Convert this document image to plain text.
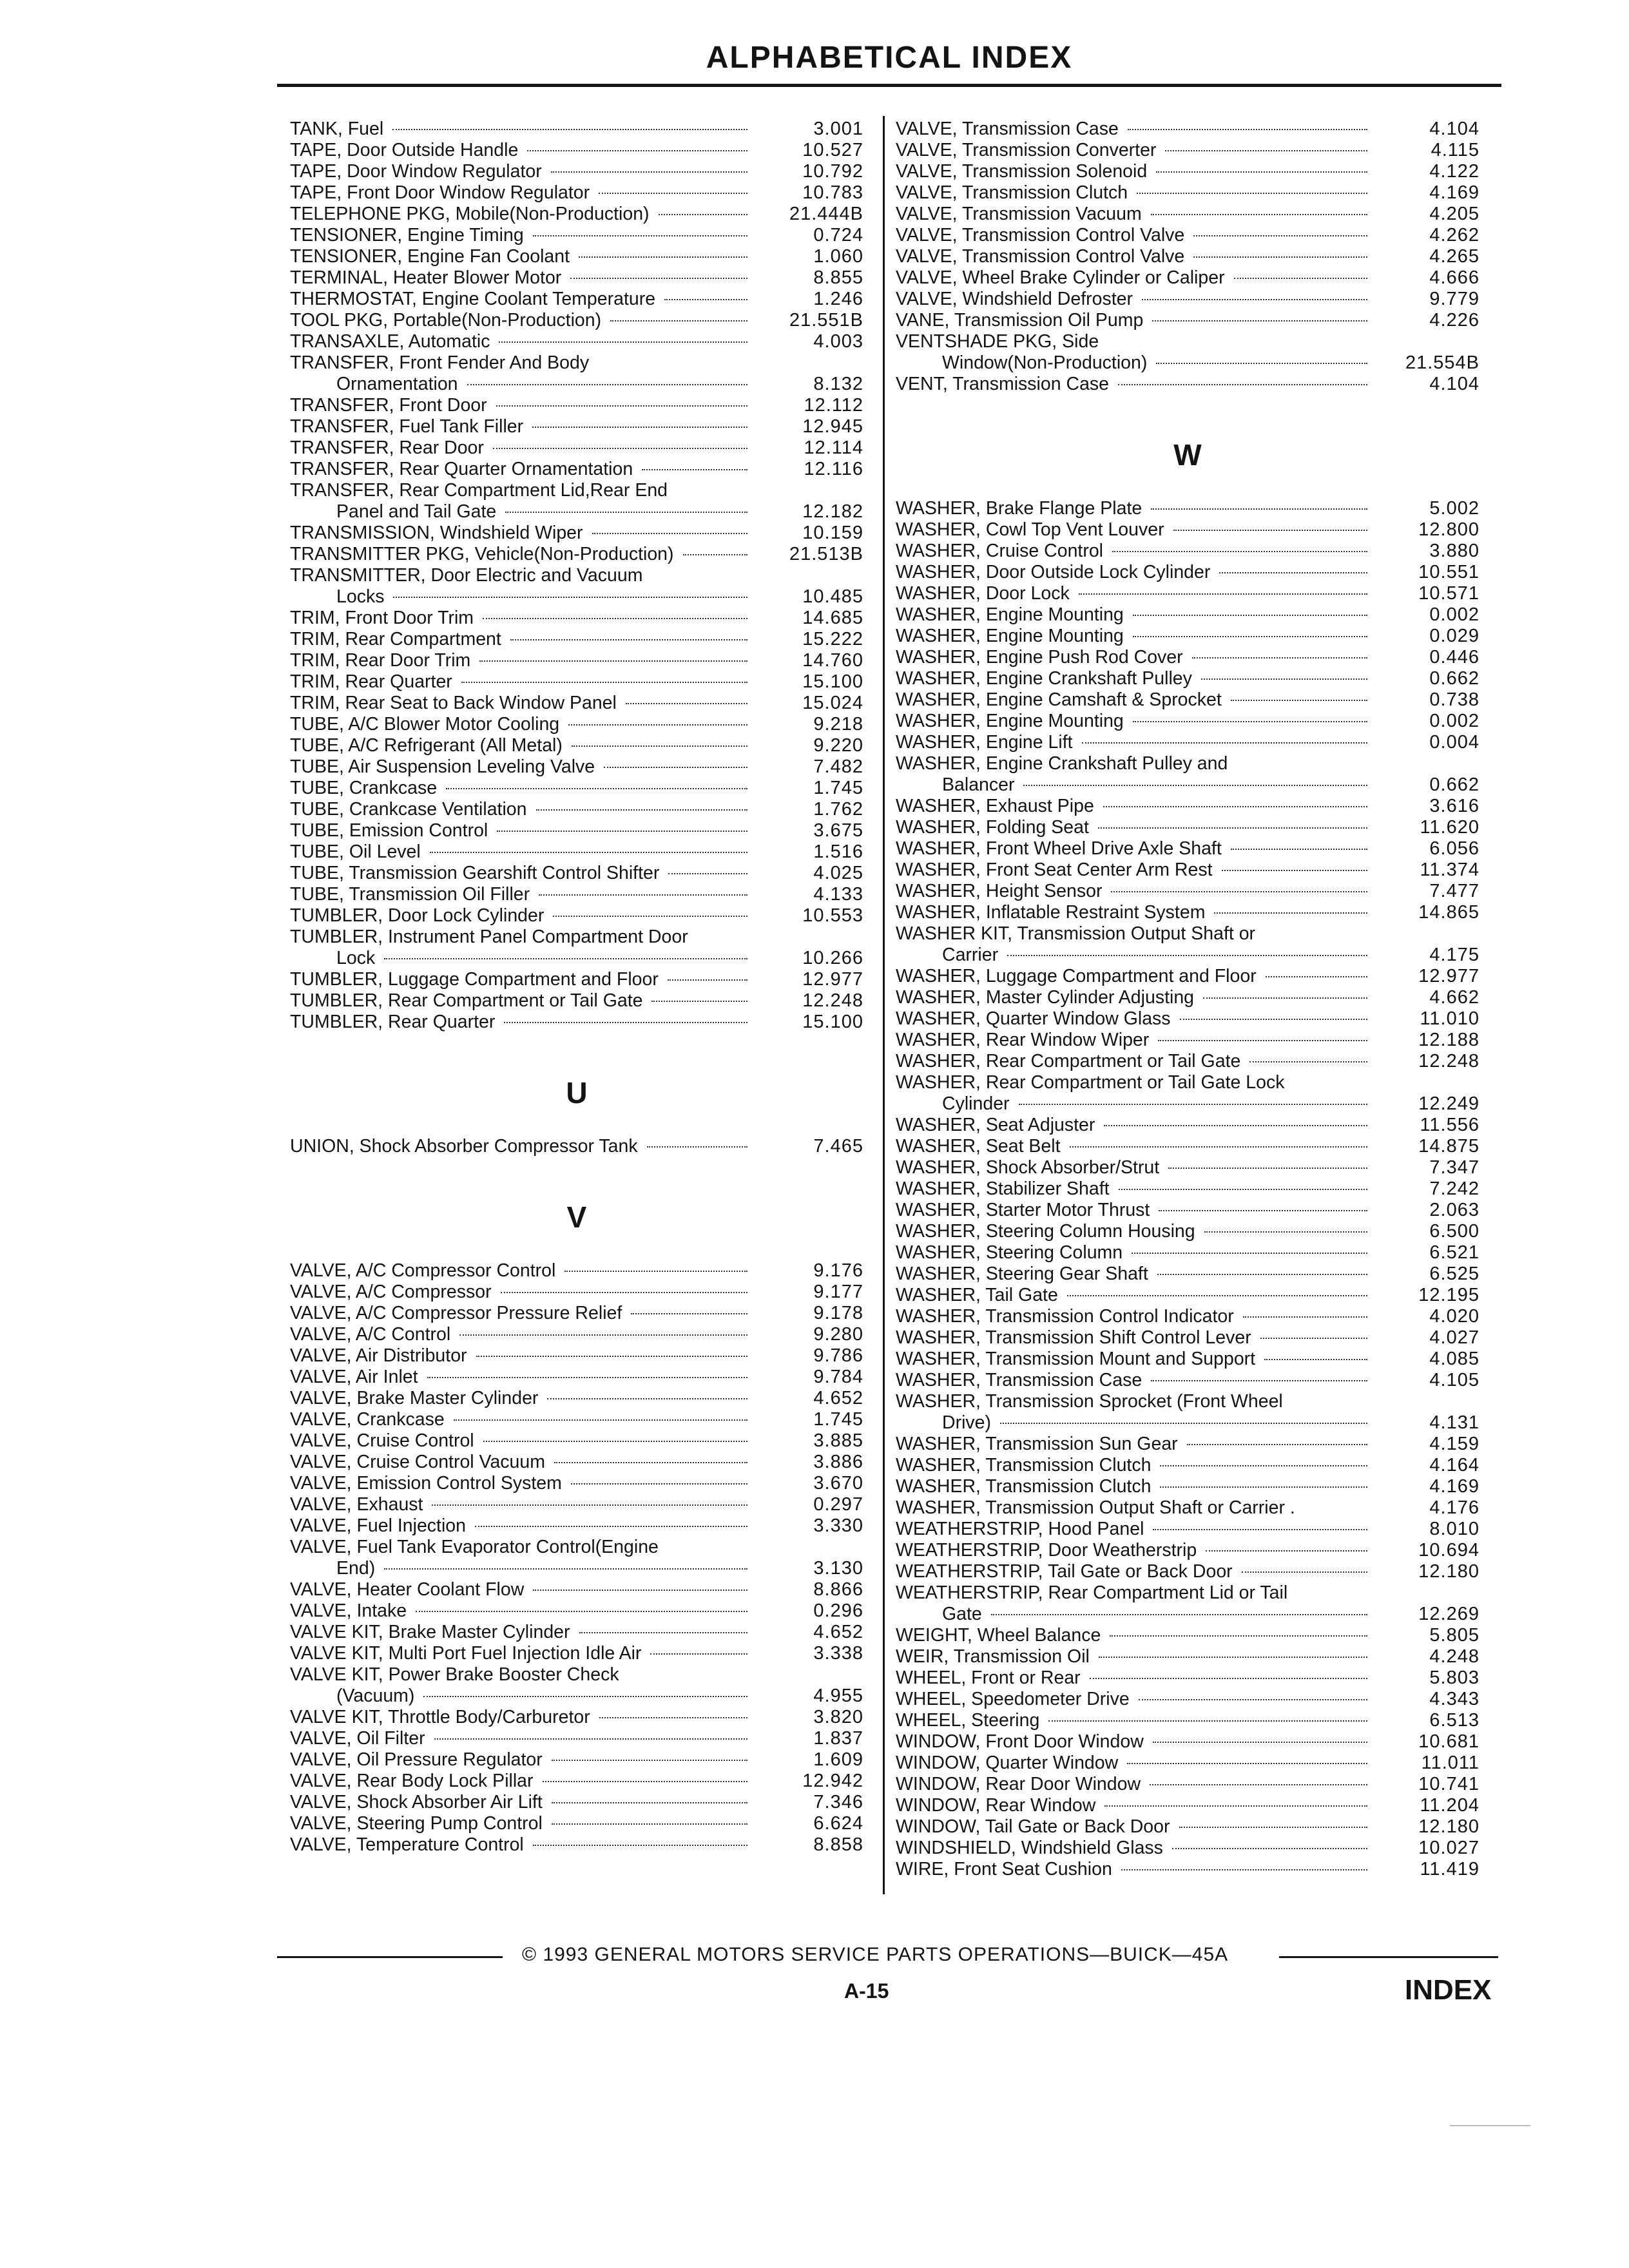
ALPHABETICAL INDEX
TANK, Fuel	3.001
TAPE, Door Outside Handle	10.527
TAPE, Door Window Regulator	10.792
TAPE, Front Door Window Regulator	10.783
TELEPHONE PKG, Mobile(Non-Production)	21.444B
TENSIONER, Engine Timing	0.724
TENSIONER, Engine Fan Coolant	1.060
TERMINAL, Heater Blower Motor	8.855
THERMOSTAT, Engine Coolant Temperature	1.246
TOOL PKG, Portable(Non-Production)	21.551B
TRANSAXLE, Automatic	4.003
TRANSFER, Front Fender And Body
Ornamentation	8.132
TRANSFER, Front Door	12.112
TRANSFER, Fuel Tank Filler	12.945
TRANSFER, Rear Door	12.114
TRANSFER, Rear Quarter Ornamentation	12.116
TRANSFER, Rear Compartment Lid,Rear End
Panel and Tail Gate	12.182
TRANSMISSION, Windshield Wiper	10.159
TRANSMITTER PKG, Vehicle(Non-Production)	21.513B
TRANSMITTER, Door Electric and Vacuum
Locks	10.485
TRIM, Front Door Trim	14.685
TRIM, Rear Compartment	15.222
TRIM, Rear Door Trim	14.760
TRIM, Rear Quarter	15.100
TRIM, Rear Seat to Back Window Panel	15.024
TUBE, A/C Blower Motor Cooling	9.218
TUBE, A/C Refrigerant (All Metal)	9.220
TUBE, Air Suspension Leveling Valve	7.482
TUBE, Crankcase	1.745
TUBE, Crankcase Ventilation	1.762
TUBE, Emission Control	3.675
TUBE, Oil Level	1.516
TUBE, Transmission Gearshift Control Shifter	4.025
TUBE, Transmission Oil Filler	4.133
TUMBLER, Door Lock Cylinder	10.553
TUMBLER, Instrument Panel Compartment Door
Lock	10.266
TUMBLER, Luggage Compartment and Floor	12.977
TUMBLER, Rear Compartment or Tail Gate	12.248
TUMBLER, Rear Quarter	15.100
U
UNION, Shock Absorber Compressor Tank	7.465
V
VALVE, A/C Compressor Control	9.176
VALVE, A/C Compressor	9.177
VALVE, A/C Compressor Pressure Relief	9.178
VALVE, A/C Control	9.280
VALVE, Air Distributor	9.786
VALVE, Air Inlet	9.784
VALVE, Brake Master Cylinder	4.652
VALVE, Crankcase	1.745
VALVE, Cruise Control	3.885
VALVE, Cruise Control Vacuum	3.886
VALVE, Emission Control System	3.670
VALVE, Exhaust	0.297
VALVE, Fuel Injection	3.330
VALVE, Fuel Tank Evaporator Control(Engine
End)	3.130
VALVE, Heater Coolant Flow	8.866
VALVE, Intake	0.296
VALVE KIT, Brake Master Cylinder	4.652
VALVE KIT, Multi Port Fuel Injection Idle Air	3.338
VALVE KIT, Power Brake Booster Check
(Vacuum)	4.955
VALVE KIT, Throttle Body/Carburetor	3.820
VALVE, Oil Filter	1.837
VALVE, Oil Pressure Regulator	1.609
VALVE, Rear Body Lock Pillar	12.942
VALVE, Shock Absorber Air Lift	7.346
VALVE, Steering Pump Control	6.624
VALVE, Temperature Control	8.858
VALVE, Transmission Case	4.104
VALVE, Transmission Converter	4.115
VALVE, Transmission Solenoid	4.122
VALVE, Transmission Clutch	4.169
VALVE, Transmission Vacuum	4.205
VALVE, Transmission Control Valve	4.262
VALVE, Transmission Control Valve	4.265
VALVE, Wheel Brake Cylinder or Caliper	4.666
VALVE, Windshield Defroster	9.779
VANE, Transmission Oil Pump	4.226
VENTSHADE PKG, Side
Window(Non-Production)	21.554B
VENT, Transmission Case	4.104
W
WASHER, Brake Flange Plate	5.002
WASHER, Cowl Top Vent Louver	12.800
WASHER, Cruise Control	3.880
WASHER, Door Outside Lock Cylinder	10.551
WASHER, Door Lock	10.571
WASHER, Engine Mounting	0.002
WASHER, Engine Mounting	0.029
WASHER, Engine Push Rod Cover	0.446
WASHER, Engine Crankshaft Pulley	0.662
WASHER, Engine Camshaft & Sprocket	0.738
WASHER, Engine Mounting	0.002
WASHER, Engine Lift	0.004
WASHER, Engine Crankshaft Pulley and
Balancer	0.662
WASHER, Exhaust Pipe	3.616
WASHER, Folding Seat	11.620
WASHER, Front Wheel Drive Axle Shaft	6.056
WASHER, Front Seat Center Arm Rest	11.374
WASHER, Height Sensor	7.477
WASHER, Inflatable Restraint System	14.865
WASHER KIT, Transmission Output Shaft or
Carrier	4.175
WASHER, Luggage Compartment and Floor	12.977
WASHER, Master Cylinder Adjusting	4.662
WASHER, Quarter Window Glass	11.010
WASHER, Rear Window Wiper	12.188
WASHER, Rear Compartment or Tail Gate	12.248
WASHER, Rear Compartment or Tail Gate Lock
Cylinder	12.249
WASHER, Seat Adjuster	11.556
WASHER, Seat Belt	14.875
WASHER, Shock Absorber/Strut	7.347
WASHER, Stabilizer Shaft	7.242
WASHER, Starter Motor Thrust	2.063
WASHER, Steering Column Housing	6.500
WASHER, Steering Column	6.521
WASHER, Steering Gear Shaft	6.525
WASHER, Tail Gate	12.195
WASHER, Transmission Control Indicator	4.020
WASHER, Transmission Shift Control Lever	4.027
WASHER, Transmission Mount and Support	4.085
WASHER, Transmission Case	4.105
WASHER, Transmission Sprocket (Front Wheel
Drive)	4.131
WASHER, Transmission Sun Gear	4.159
WASHER, Transmission Clutch	4.164
WASHER, Transmission Clutch	4.169
WASHER, Transmission Output Shaft or Carrier .	4.176
WEATHERSTRIP, Hood Panel	8.010
WEATHERSTRIP, Door Weatherstrip	10.694
WEATHERSTRIP, Tail Gate or Back Door	12.180
WEATHERSTRIP, Rear Compartment Lid or Tail
Gate	12.269
WEIGHT, Wheel Balance	5.805
WEIR, Transmission Oil	4.248
WHEEL, Front or Rear	5.803
WHEEL, Speedometer Drive	4.343
WHEEL, Steering	6.513
WINDOW, Front Door Window	10.681
WINDOW, Quarter Window	11.011
WINDOW, Rear Door Window	10.741
WINDOW, Rear Window	11.204
WINDOW, Tail Gate or Back Door	12.180
WINDSHIELD, Windshield Glass	10.027
WIRE, Front Seat Cushion	11.419
© 1993 GENERAL MOTORS SERVICE PARTS OPERATIONS—BUICK—45A
A-15	INDEX
